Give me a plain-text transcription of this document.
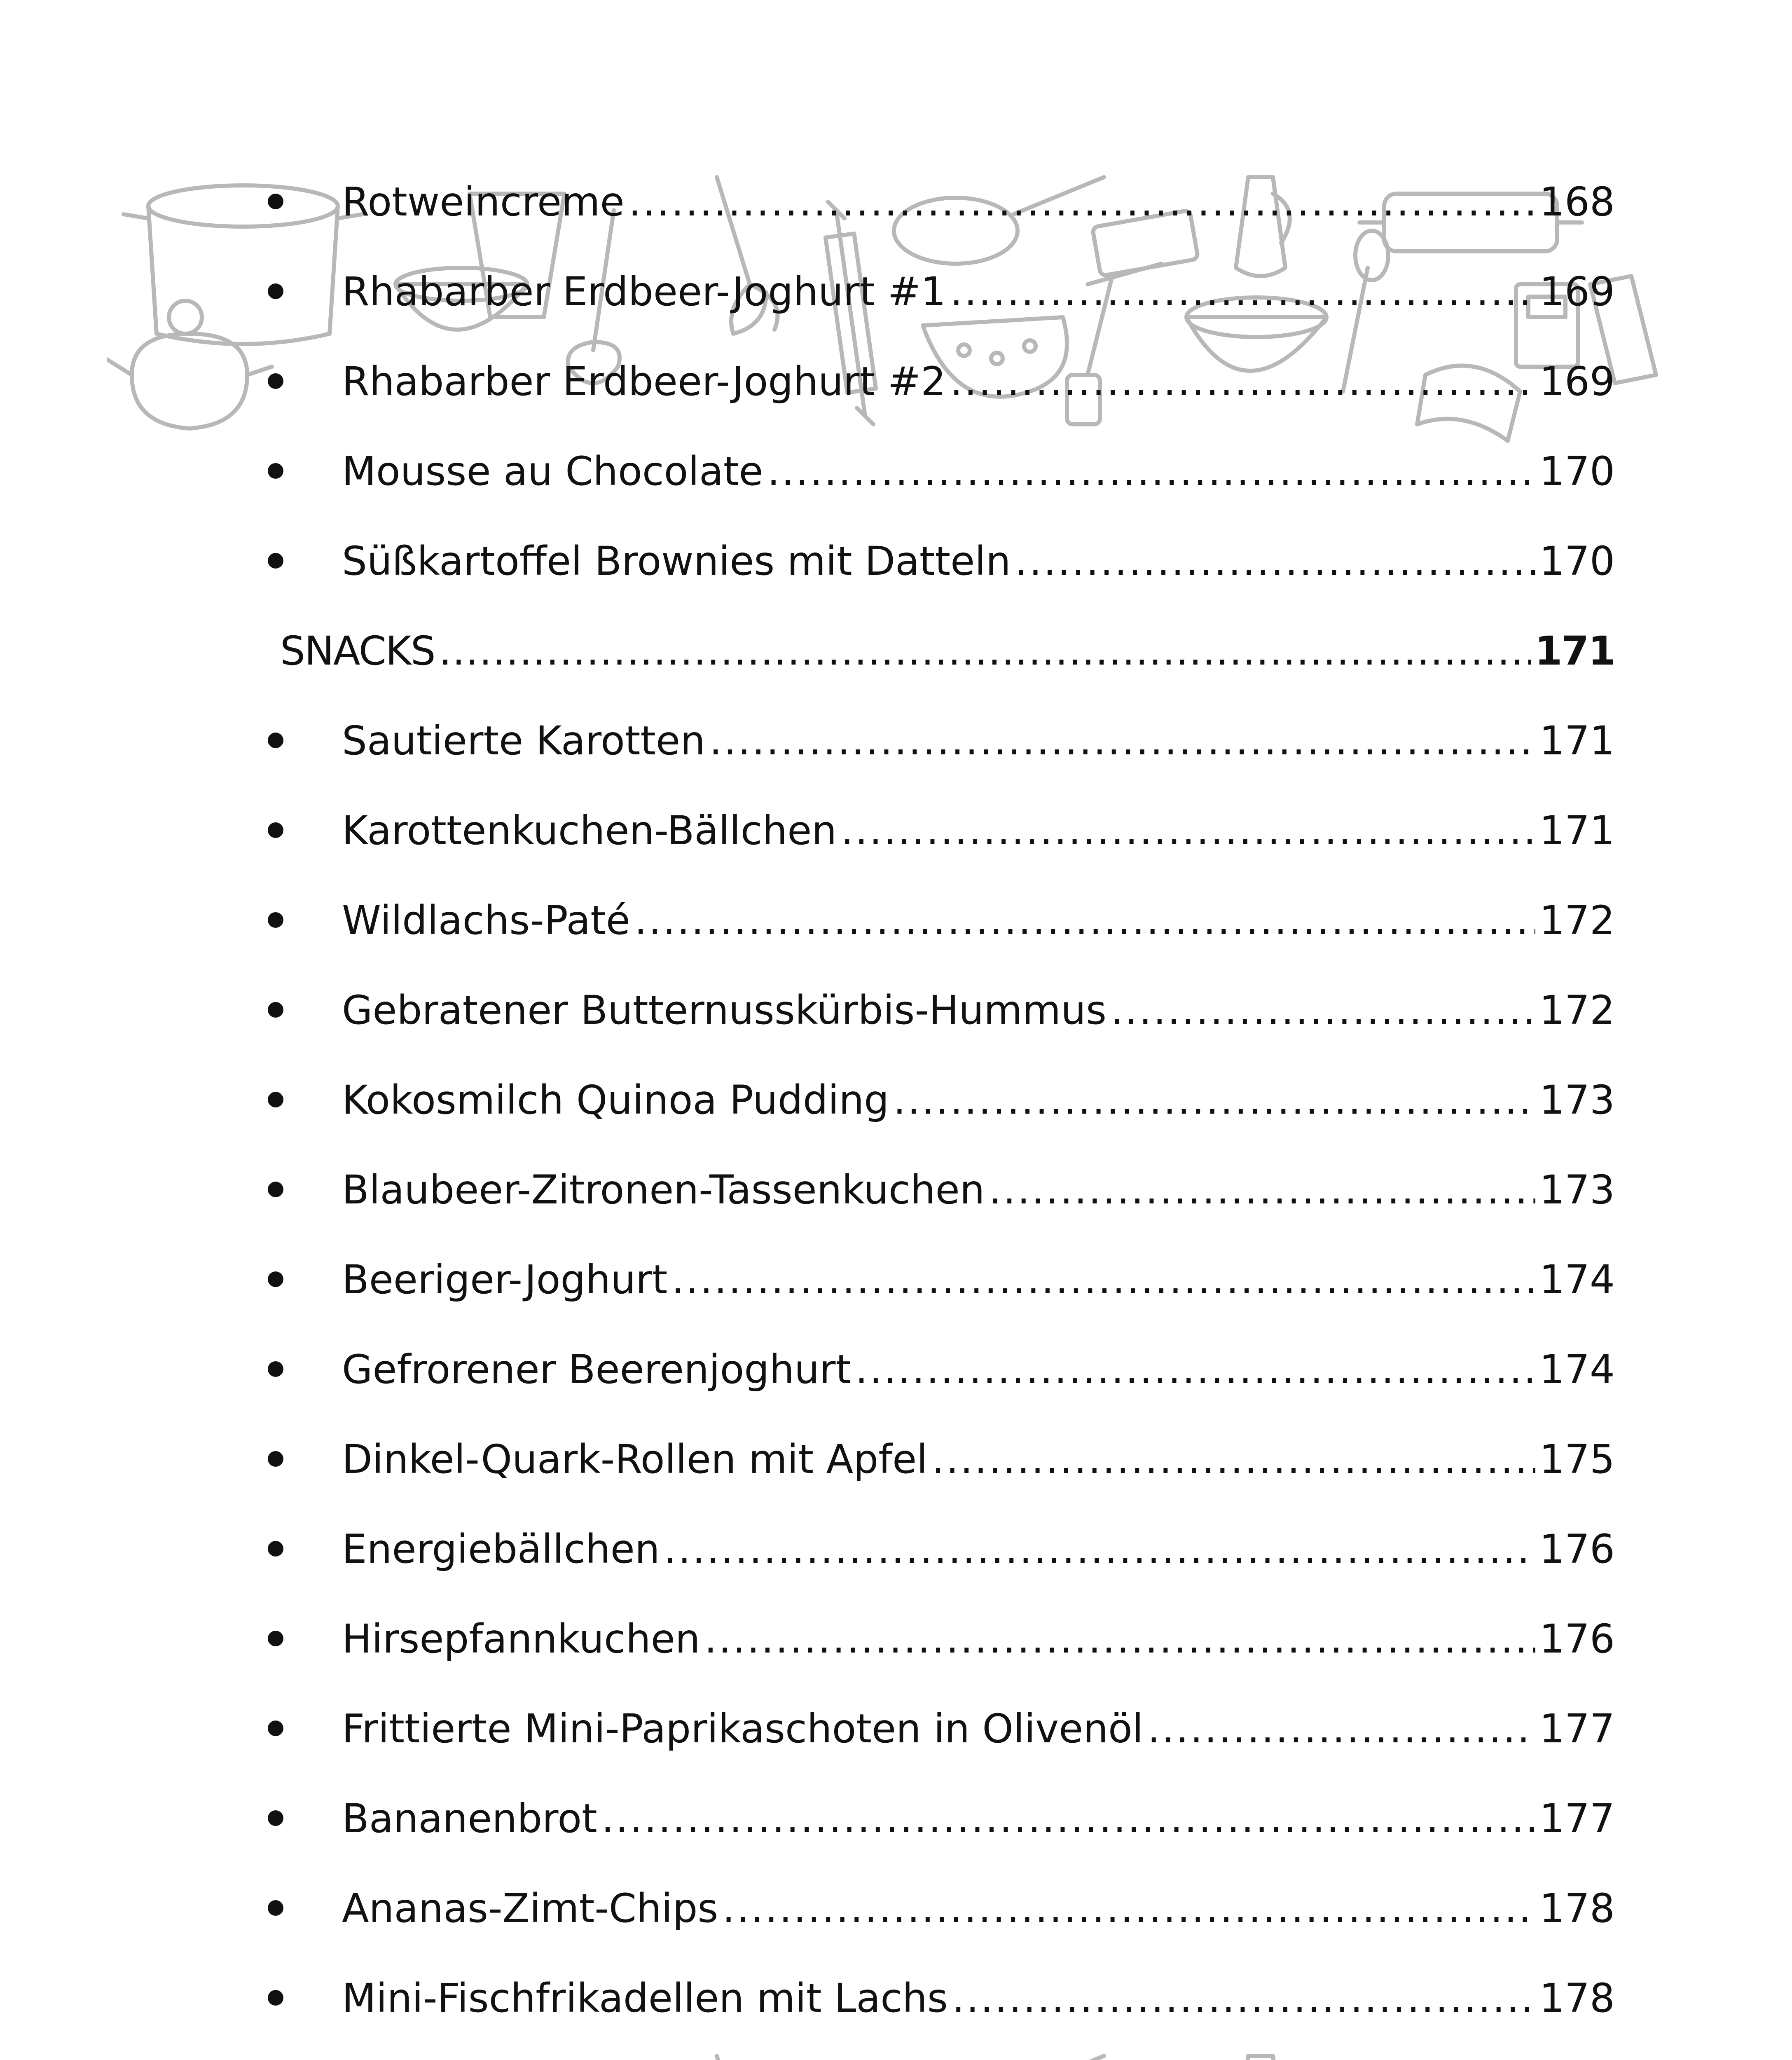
Rotweincreme .....	168
Rhabarber Erdbeer-Joghurt #1 .....	169
Rhabarber Erdbeer-Joghurt #2 .....	169
Mousse au Chocolate .....	170
Süßkartoffel Brownies mit Datteln .....	170
SNACKS .....	171
Sautierte Karotten .....	171
Karottenkuchen-Bällchen .....	171
Wildlachs-Paté .....	172
Gebratener Butternusskürbis-Hummus .....	172
Kokosmilch Quinoa Pudding .....	173
Blaubeer-Zitronen-Tassenkuchen .....	173
Beeriger-Joghurt .....	174
Gefrorener Beerenjoghurt .....	174
Dinkel-Quark-Rollen mit Apfel .....	175
Energiebällchen .....	176
Hirsepfannkuchen .....	176
Frittierte Mini-Paprikaschoten in Olivenöl .....	177
Bananenbrot .....	177
Ananas-Zimt-Chips .....	178
Mini-Fischfrikadellen mit Lachs .....	178
.....
